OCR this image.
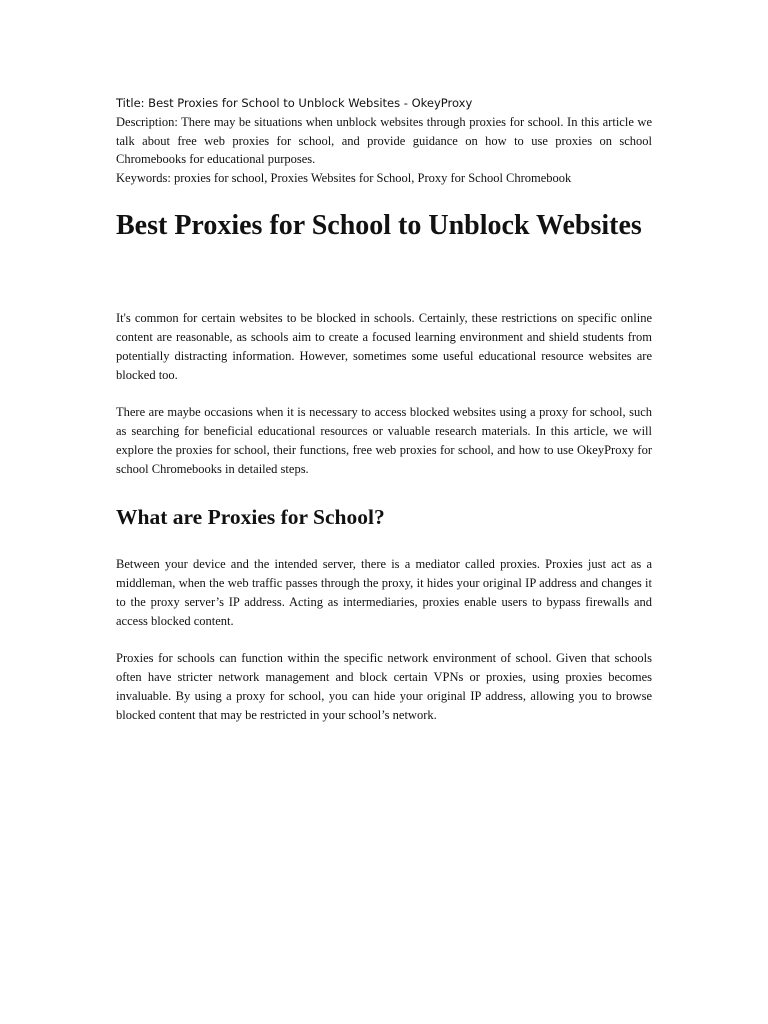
Title: Best Proxies for School to Unblock Websites - OkeyProxy

Description: There may be situations when unblock websites through proxies for school. In this article we talk about free web proxies for school, and provide guidance on how to use proxies on school Chromebooks for educational purposes.

Keywords: proxies for school, Proxies Websites for School, Proxy for School Chromebook

Best Proxies for School to Unblock Websites

It's common for certain websites to be blocked in schools. Certainly, these restrictions on specific online content are reasonable, as schools aim to create a focused learning environment and shield students from potentially distracting information. However, sometimes some useful educational resource websites are blocked too.

There are maybe occasions when it is necessary to access blocked websites using a proxy for school, such as searching for beneficial educational resources or valuable research materials. In this article, we will explore the proxies for school, their functions, free web proxies for school, and how to use OkeyProxy for school Chromebooks in detailed steps.

What are Proxies for School?

Between your device and the intended server, there is a mediator called proxies. Proxies just act as a middleman, when the web traffic passes through the proxy, it hides your original IP address and changes it to the proxy server’s IP address. Acting as intermediaries, proxies enable users to bypass firewalls and access blocked content.

Proxies for schools can function within the specific network environment of school. Given that schools often have stricter network management and block certain VPNs or proxies, using proxies becomes invaluable. By using a proxy for school, you can hide your original IP address, allowing you to browse blocked content that may be restricted in your school’s network.
